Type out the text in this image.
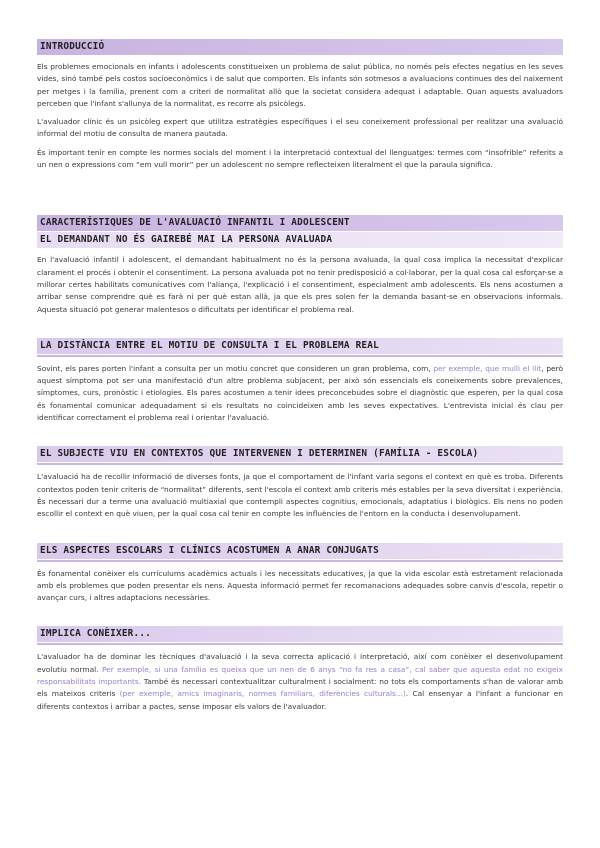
INTRODUCCIÓ

Els problemes emocionals en infants i adolescents constitueixen un problema de salut pública, no només pels efectes negatius en les seves vides, sinó també pels costos socioeconòmics i de salut que comporten. Els infants són sotmesos a avaluacions continues des del naixement per metges i la família, prenent com a criteri de normalitat allò que la societat considera adequat i adaptable. Quan aquests avaluadors perceben que l'infant s'allunya de la normalitat, es recorre als psicòlegs.

L'avaluador clínic és un psicòleg expert que utilitza estratègies específiques i el seu coneixement professional per realitzar una avaluació informal del motiu de consulta de manera pautada.

És important tenir en compte les normes socials del moment i la interpretació contextual del llenguatges: termes com “insofrible” referits a un nen o expressions com “em vull morir” per un adolescent no sempre reflecteixen literalment el que la paraula significa.

CARACTERÍSTIQUES DE L'AVALUACIÓ INFANTIL I ADOLESCENT
EL DEMANDANT NO ÉS GAIREBÉ MAI LA PERSONA AVALUADA

En l'avaluació infantil i adolescent, el demandant habitualment no és la persona avaluada, la qual cosa implica la necessitat d'explicar clarament el procés i obtenir el consentiment. La persona avaluada pot no tenir predisposició a col·laborar, per la qual cosa cal esforçar-se a millorar certes habilitats comunicatives com l'aliança, l'explicació i el consentiment, especialment amb adolescents. Els nens acostumen a arribar sense comprendre què es farà ni per què estan allà, ja que els pres solen fer la demanda basant-se en observacions informals. Aquesta situació pot generar malentesos o dificultats per identificar el problema real.

LA DISTÀNCIA ENTRE EL MOTIU DE CONSULTA I EL PROBLEMA REAL

Sovint, els pares porten l'infant a consulta per un motiu concret que consideren un gran problema, com, per exemple, que mulli el llit, però aquest símptoma pot ser una manifestació d'un altre problema subjacent, per això són essencials els coneixements sobre prevalences, símptomes, curs, pronòstic i etiologies. Els pares acostumen a tenir idees preconcebudes sobre el diagnòstic que esperen, per la qual cosa és fonamental comunicar adequadament si els resultats no coincideixen amb les seves expectatives. L'entrevista inicial és clau per identificar correctament el problema real i orientar l'avaluació.

EL SUBJECTE VIU EN CONTEXTOS QUE INTERVENEN I DETERMINEN (FAMÍLIA - ESCOLA)

L'avaluació ha de recollir informació de diverses fonts, ja que el comportament de l'infant varia segons el context en què es troba. Diferents contextos poden tenir criteris de “normalitat” diferents, sent l'escola el context amb criteris més estables per la seva diversitat i experiència. És necessari dur a terme una avaluació multiaxial que contempli aspectes cognitius, emocionals, adaptatius i biològics. Els nens no poden escollir el context en què viuen, per la qual cosa cal tenir en compte les influències de l'entorn en la conducta i desenvolupament.

ELS ASPECTES ESCOLARS I CLÍNICS ACOSTUMEN A ANAR CONJUGATS

És fonamental conèixer els currículums acadèmics actuals i les necessitats educatives, ja que la vida escolar està estretament relacionada amb els problemes que poden presentar els nens. Aquesta informació permet fer recomanacions adequades sobre canvis d'escola, repetir o avançar curs, i altres adaptacions necessàries.

IMPLICA CONÈIXER...

L'avaluador ha de dominar les tècniques d'avaluació i la seva correcta aplicació i interpretació, així com conèixer el desenvolupament evolutiu normal. Per exemple, si una família es queixa que un nen de 6 anys “no fa res a casa”, cal saber que aquesta edat no exigeix responsabilitats importants. També és necessari contextualitzar culturalment i socialment: no tots els comportaments s'han de valorar amb els mateixos criteris (per exemple, amics imaginaris, normes familiars, diferències culturals...). Cal ensenyar a l'infant a funcionar en diferents contextos i arribar a pactes, sense imposar els valors de l'avaluador.
